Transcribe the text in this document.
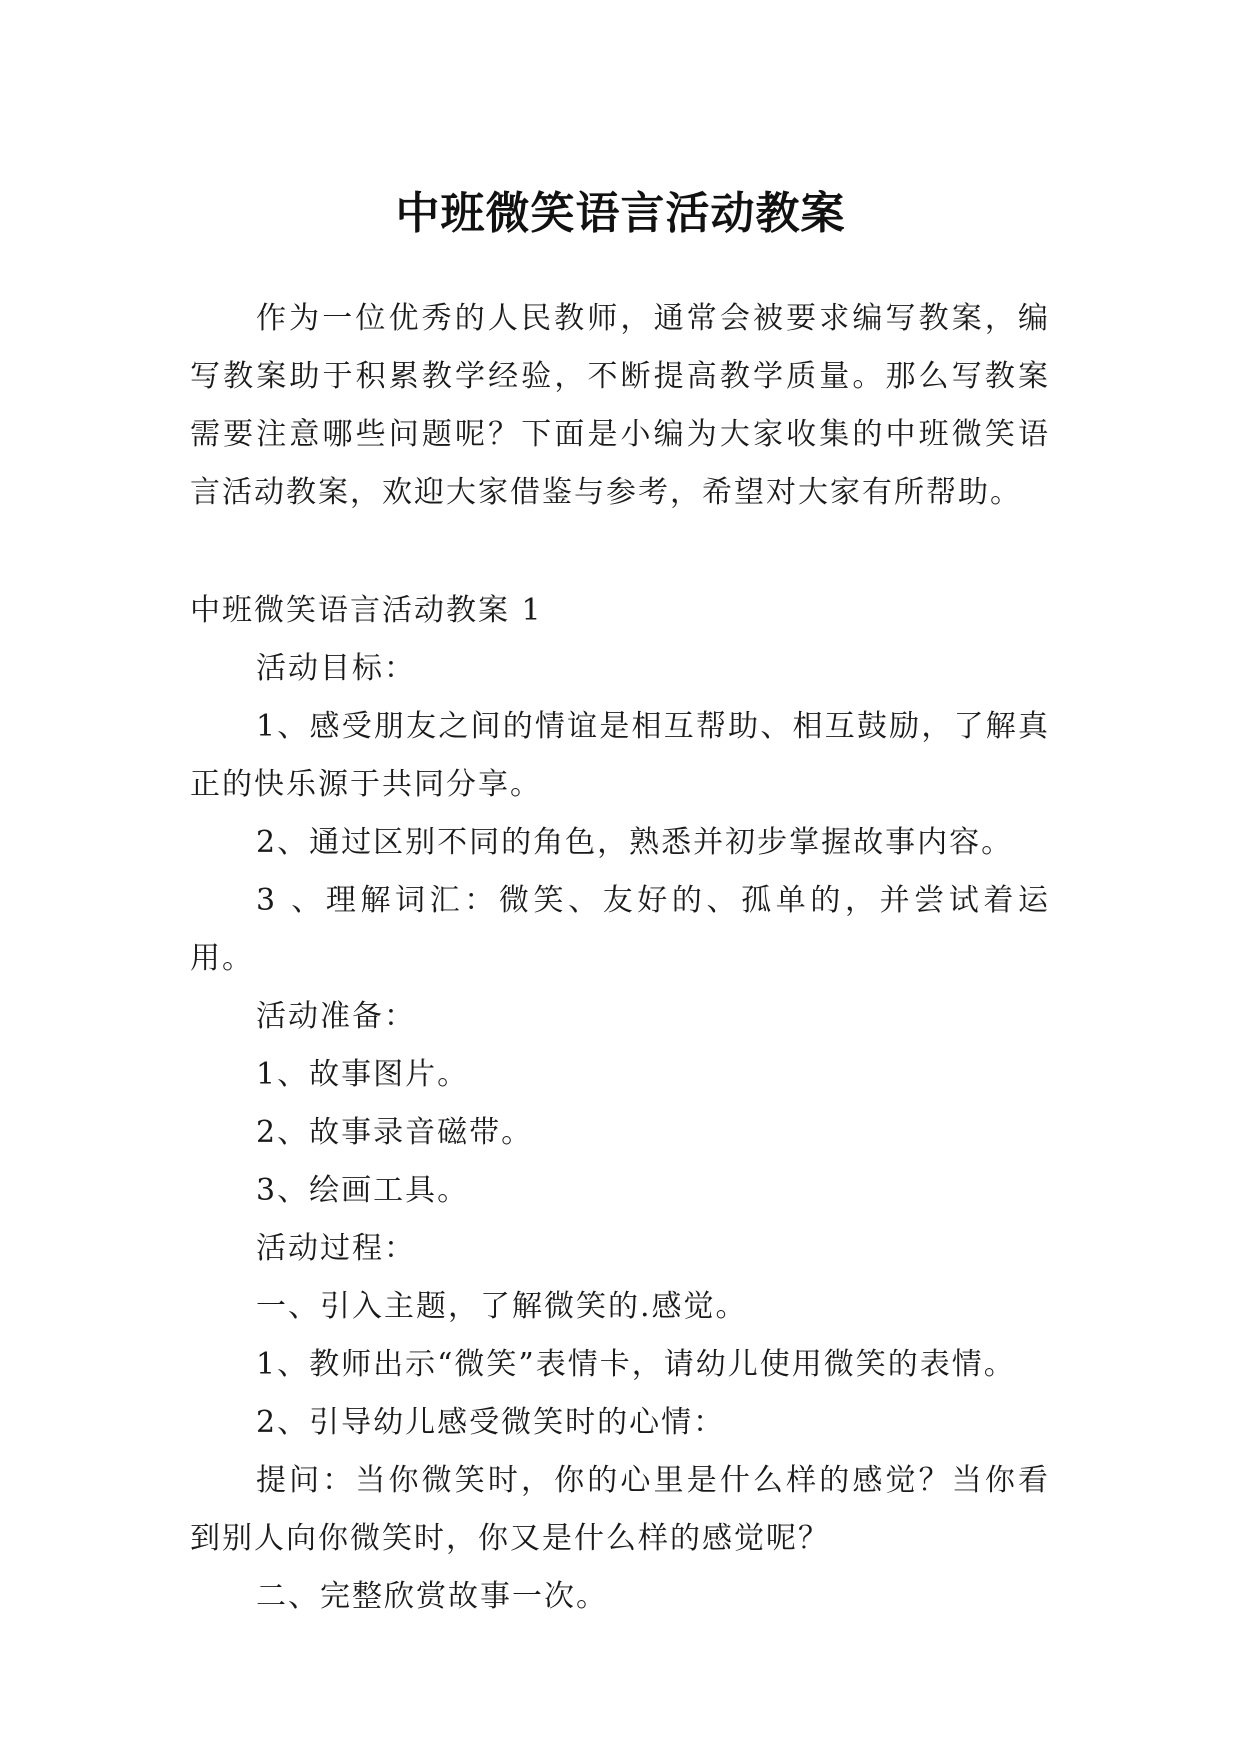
中班微笑语言活动教案

作为一位优秀的人民教师，通常会被要求编写教案，编写教案助于积累教学经验，不断提高教学质量。那么写教案需要注意哪些问题呢？下面是小编为大家收集的中班微笑语言活动教案，欢迎大家借鉴与参考，希望对大家有所帮助。

中班微笑语言活动教案 1

活动目标：

1、感受朋友之间的情谊是相互帮助、相互鼓励，了解真正的快乐源于共同分享。

2、通过区别不同的角色，熟悉并初步掌握故事内容。

3 、理解词汇：微笑、友好的、孤单的，并尝试着运用。

活动准备：

1、故事图片。

2、故事录音磁带。

3、绘画工具。

活动过程：

一、引入主题，了解微笑的.感觉。

1、教师出示“微笑”表情卡，请幼儿使用微笑的表情。

2、引导幼儿感受微笑时的心情：

提问：当你微笑时，你的心里是什么样的感觉？当你看到别人向你微笑时，你又是什么样的感觉呢？

二、完整欣赏故事一次。
